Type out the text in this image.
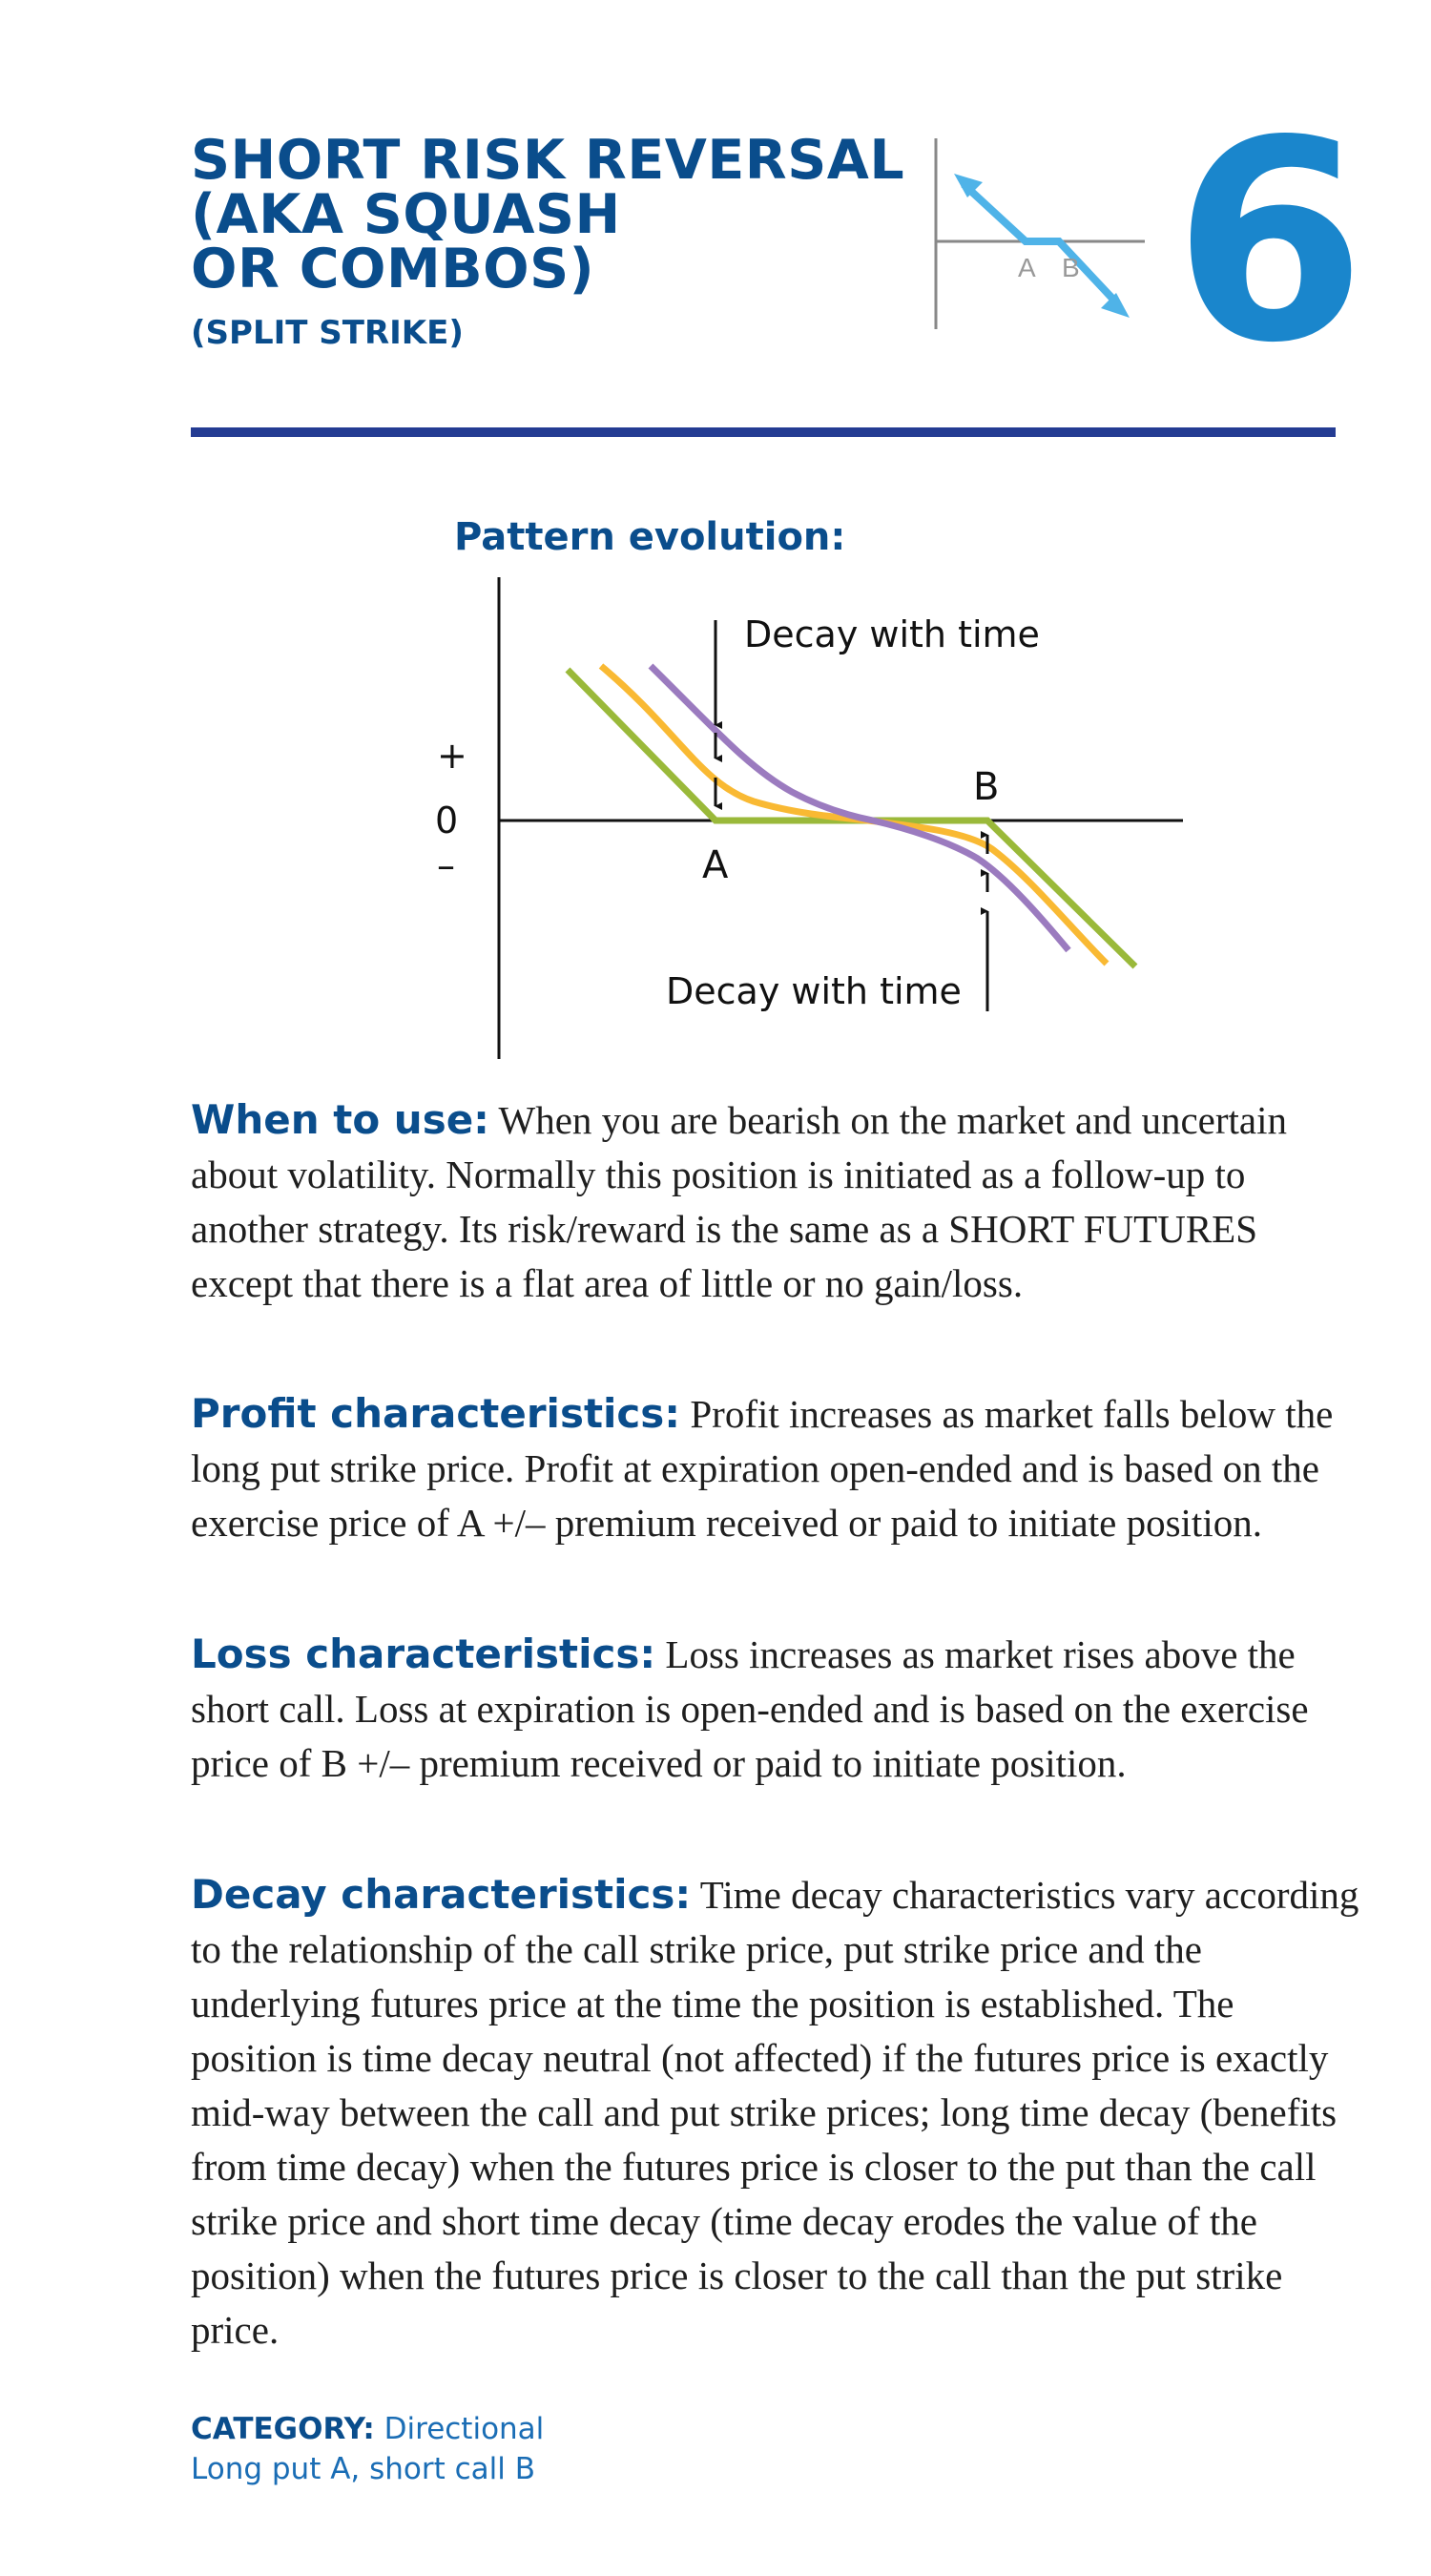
SHORT RISK REVERSAL
(AKA SQUASH
OR COMBOS)
(SPLIT STRIKE)
A B 6
Pattern evolution:
+
0
–	A
B
Decay with time
Decay with time
When to use: When you are bearish on the market and uncertain about volatility. Normally this position is initiated as a follow-up to another strategy. Its risk/reward is the same as a SHORT FUTURES except that there is a flat area of little or no gain/loss.
Profit characteristics: Profit increases as market falls below the long put strike price. Profit at expiration open-ended and is based on the exercise price of A +/– premium received or paid to initiate position.
Loss characteristics: Loss increases as market rises above the short call. Loss at expiration is open-ended and is based on the exercise price of B +/– premium received or paid to initiate position.
Decay characteristics: Time decay characteristics vary according to the relationship of the call strike price, put strike price and the underlying futures price at the time the position is established. The position is time decay neutral (not affected) if the futures price is exactly mid-way between the call and put strike prices; long time decay (benefits from time decay) when the futures price is closer to the put than the call strike price and short time decay (time decay erodes the value of the position) when the futures price is closer to the call than the put strike price.
CATEGORY: Directional
Long put A, short call B
